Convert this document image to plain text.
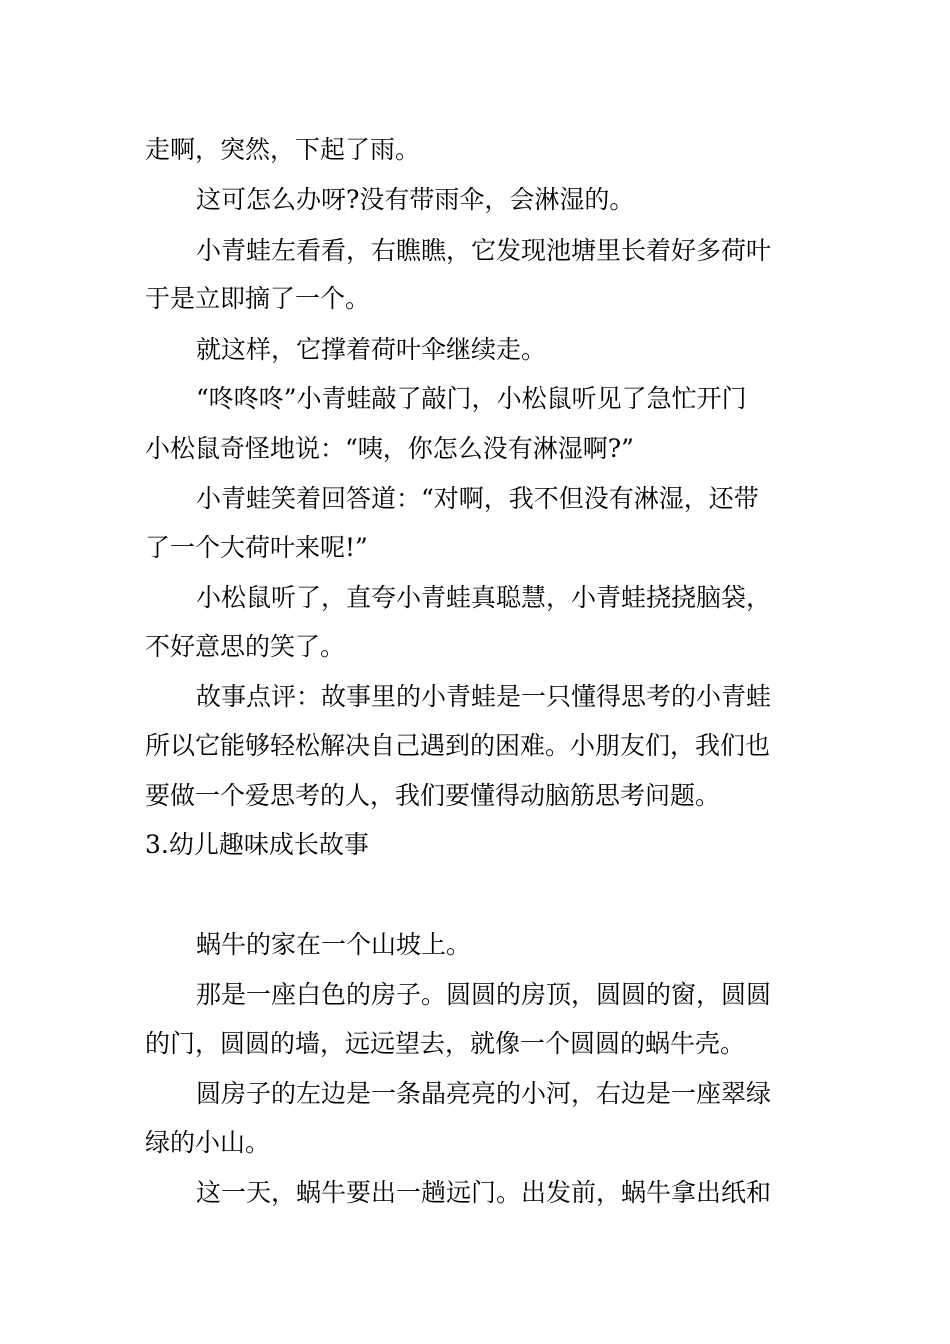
走啊，突然，下起了雨。
这可怎么办呀?没有带雨伞，会淋湿的。
小青蛙左看看，右瞧瞧，它发现池塘里长着好多荷叶
于是立即摘了一个。
就这样，它撑着荷叶伞继续走。
“咚咚咚”小青蛙敲了敲门，小松鼠听见了急忙开门
小松鼠奇怪地说：“咦，你怎么没有淋湿啊?”
小青蛙笑着回答道：“对啊，我不但没有淋湿，还带
了一个大荷叶来呢!”
小松鼠听了，直夸小青蛙真聪慧，小青蛙挠挠脑袋，
不好意思的笑了。
故事点评：故事里的小青蛙是一只懂得思考的小青蛙
所以它能够轻松解决自己遇到的困难。小朋友们，我们也
要做一个爱思考的人，我们要懂得动脑筋思考问题。
3.幼儿趣味成长故事
蜗牛的家在一个山坡上。
那是一座白色的房子。圆圆的房顶，圆圆的窗，圆圆
的门，圆圆的墙，远远望去，就像一个圆圆的蜗牛壳。
圆房子的左边是一条晶亮亮的小河，右边是一座翠绿
绿的小山。
这一天，蜗牛要出一趟远门。出发前，蜗牛拿出纸和
